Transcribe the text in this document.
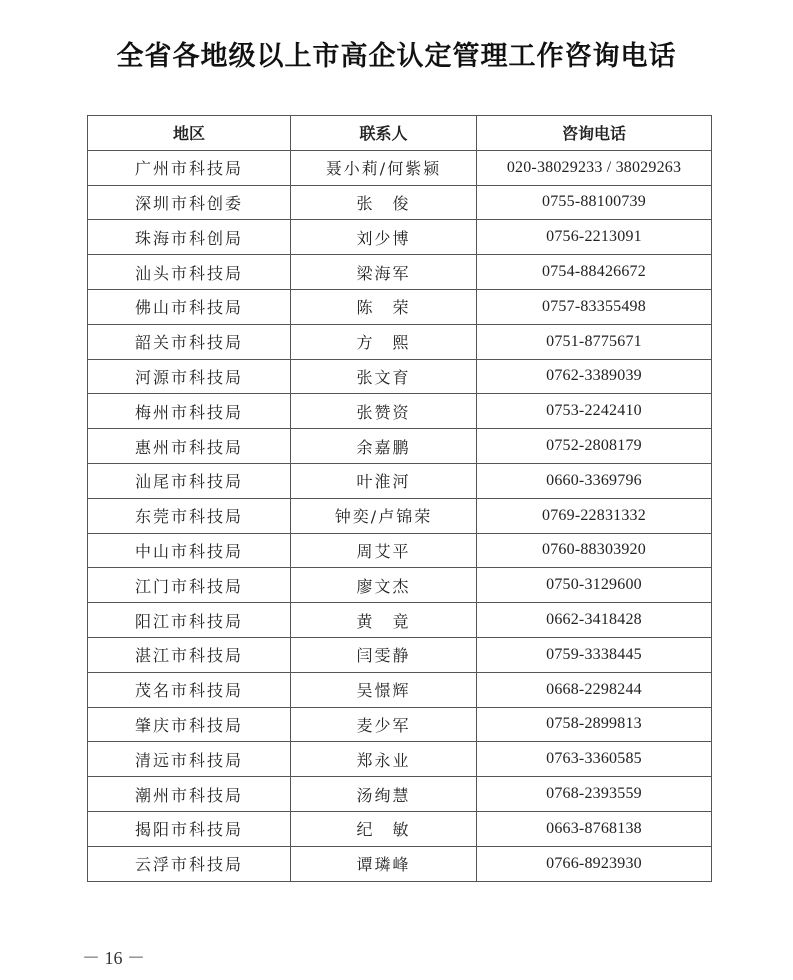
全省各地级以上市高企认定管理工作咨询电话
地区	联系人	咨询电话
广州市科技局	聂小莉/何紫颍	020-38029233 / 38029263
深圳市科创委	张　俊	0755-88100739
珠海市科创局	刘少博	0756-2213091
汕头市科技局	梁海军	0754-88426672
佛山市科技局	陈　荣	0757-83355498
韶关市科技局	方　熙	0751-8775671
河源市科技局	张文育	0762-3389039
梅州市科技局	张赞资	0753-2242410
惠州市科技局	余嘉鹏	0752-2808179
汕尾市科技局	叶淮河	0660-3369796
东莞市科技局	钟奕/卢锦荣	0769-22831332
中山市科技局	周艾平	0760-88303920
江门市科技局	廖文杰	0750-3129600
阳江市科技局	黄　竟	0662-3418428
湛江市科技局	闫雯静	0759-3338445
茂名市科技局	吴憬辉	0668-2298244
肇庆市科技局	麦少军	0758-2899813
清远市科技局	郑永业	0763-3360585
潮州市科技局	汤绚慧	0768-2393559
揭阳市科技局	纪　敏	0663-8768138
云浮市科技局	谭璘峰	0766-8923930
－ 16 －
